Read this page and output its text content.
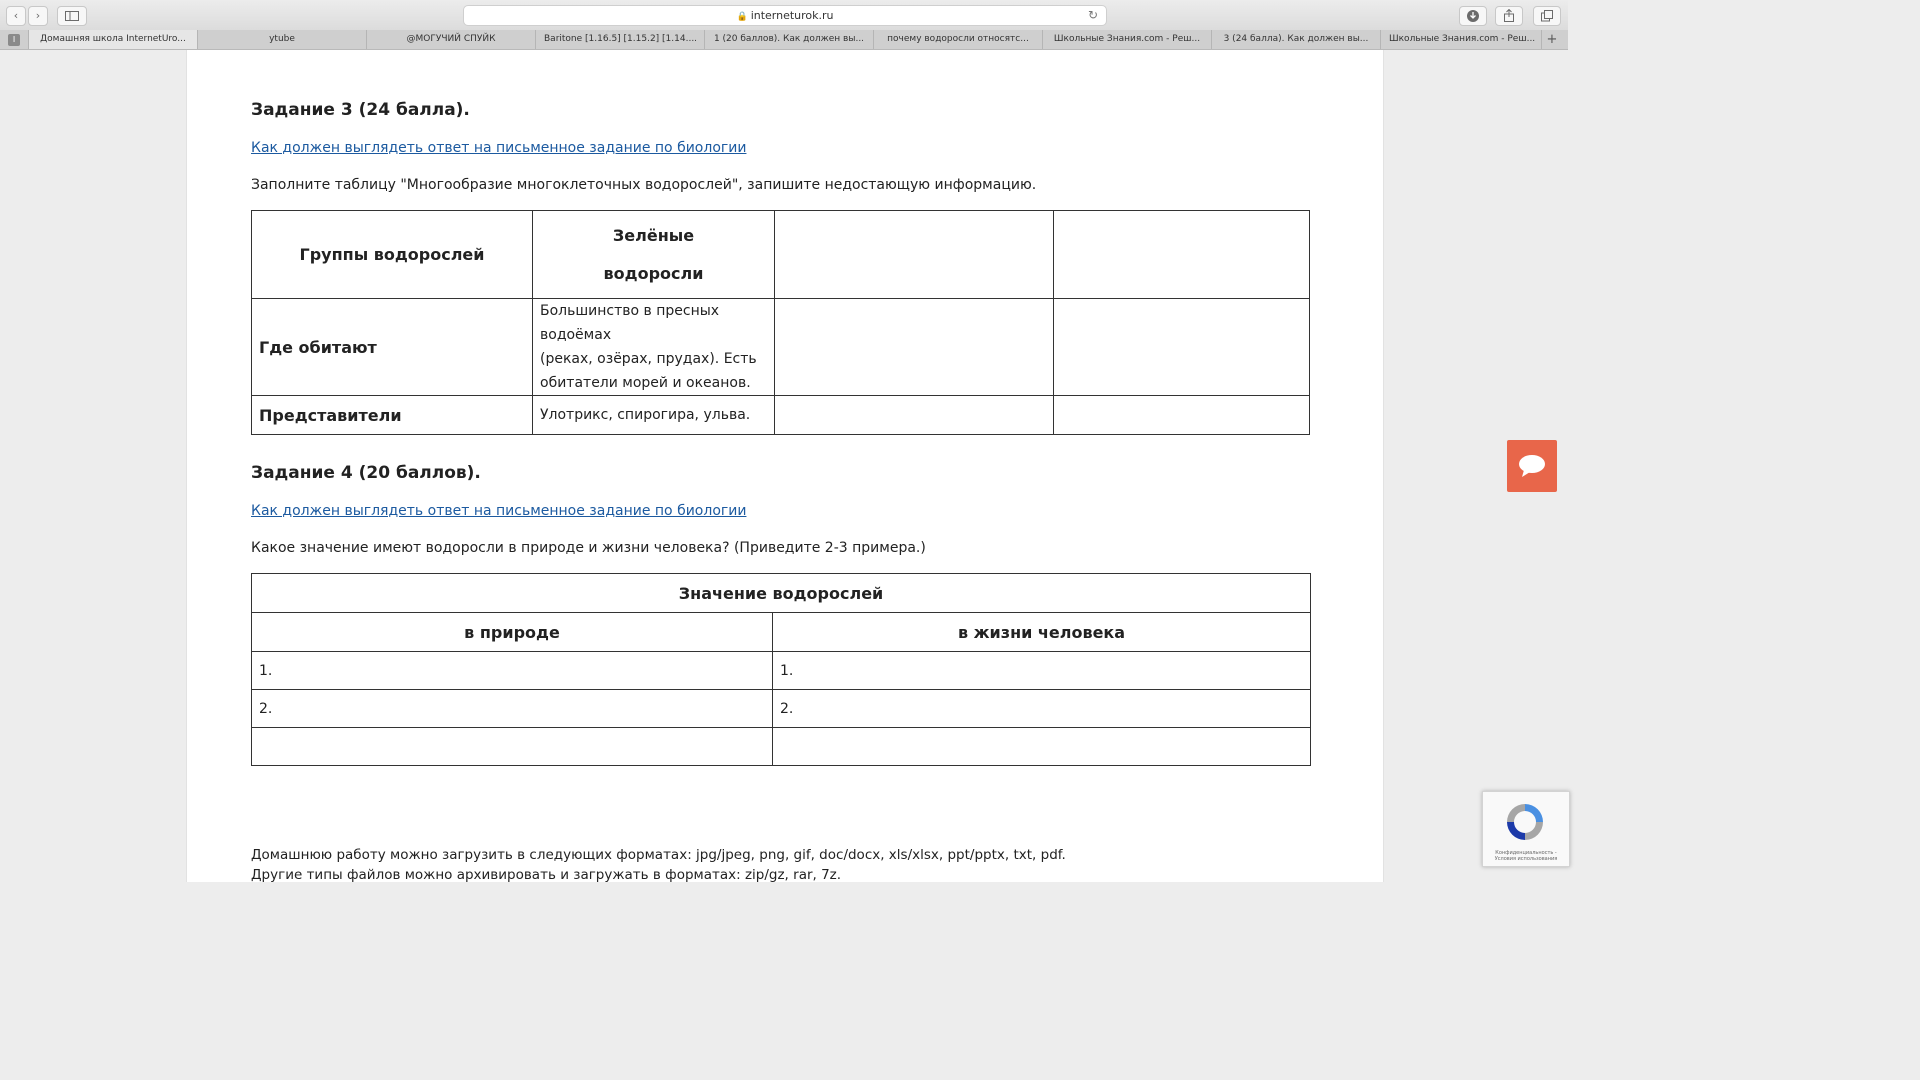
‹	›	🔒 interneturok.ru	↻
I	Домашняя школа InternetUro...	ytube	@МОГУЧИЙ СПУЙК	Baritone [1.16.5] [1.15.2] [1.14....	1 (20 баллов). Как должен вы...	почему водоросли относятс...	Школьные Знания.com - Реш...	3 (24 балла). Как должен вы...	Школьные Знания.com - Реш... +
Задание 3 (24 балла).
Как должен выглядеть ответ на письменное задание по биологии
Заполните таблицу "Многообразие многоклеточных водорослей", запишите недостающую информацию.
Группы водорослей	Зелёные
водоросли		
Где обитают	Большинство в пресных водоёмах
(реках, озёрах, прудах). Есть
обитатели морей и океанов.		
Представители	Улотрикс, спирогира, ульва.		
Задание 4 (20 баллов).
Как должен выглядеть ответ на письменное задание по биологии
Какое значение имеют водоросли в природе и жизни человека? (Приведите 2-3 примера.)
Значение водорослей	
в природе	в жизни человека
1.	1.
2.	2.

Домашнюю работу можно загрузить в следующих форматах: jpg/jpeg, png, gif, doc/docx, xls/xlsx, ppt/pptx, txt, pdf.
Другие типы файлов можно архивировать и загружать в форматах: zip/gz, rar, 7z.
Конфиденциальность - Условия использования
